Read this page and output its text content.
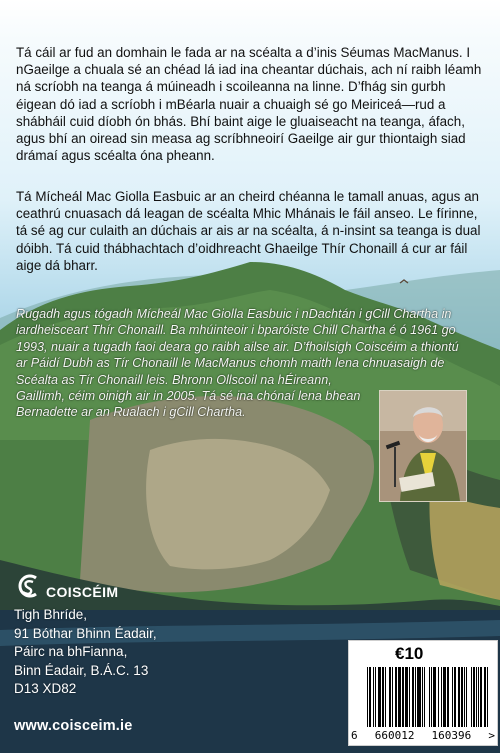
Tá cáil ar fud an domhain le fada ar na scéalta a d’inis Séumas MacManus. I nGaeilge a chuala sé an chéad lá iad ina cheantar dúchais, ach ní raibh léamh ná scríobh na teanga á múineadh i scoileanna na linne. D’fhág sin gurbh éigean dó iad a scríobh i mBéarla nuair a chuaigh sé go Meiriceá—rud a shábháil cuid díobh ón bhás. Bhí baint aige le gluaiseacht na teanga, áfach, agus bhí an oiread sin measa ag scríbhneoirí Gaeilge air gur thiontaigh siad drámaí agus scéalta óna pheann.

Tá Mícheál Mac Giolla Easbuic ar an cheird chéanna le tamall anuas, agus an ceathrú cnuasach dá leagan de scéalta Mhic Mhánais le fáil anseo. Le fírinne, tá sé ag cur culaith an dúchais ar ais ar na scéalta, á n-insint sa teanga is dual dóibh. Tá cuid thábhachtach d’oidhreacht Ghaeilge Thír Chonaill á cur ar fáil aige dá bharr.

Rugadh agus tógadh Mícheál Mac Giolla Easbuic i nDachtán i gCill Chartha in
iardheisceart Thír Chonaill. Ba mhúinteoir i bparóiste Chill Chartha é ó 1961 go
1993, nuair a tugadh faoi deara go raibh ailse air. D’fhoilsigh Coiscéim a thiontú
ar Páidí Dubh as Tír Chonaill le MacManus chomh maith lena chnuasaigh de
Scéalta as Tír Chonaill leis. Bhronn Ollscoil na hÉireann,
Gaillimh, céim oinigh air in 2005. Tá sé ina chónaí lena bhean
Bernadette ar an Rualach i gCill Chartha.

COISCÉIM
Tigh Bhríde,
91 Bóthar Bhinn Éadair,
Páirc na bhFianna,
Binn Éadair, B.Á.C. 13
D13 XD82
www.coisceim.ie
€10
6 660012 160396 >
